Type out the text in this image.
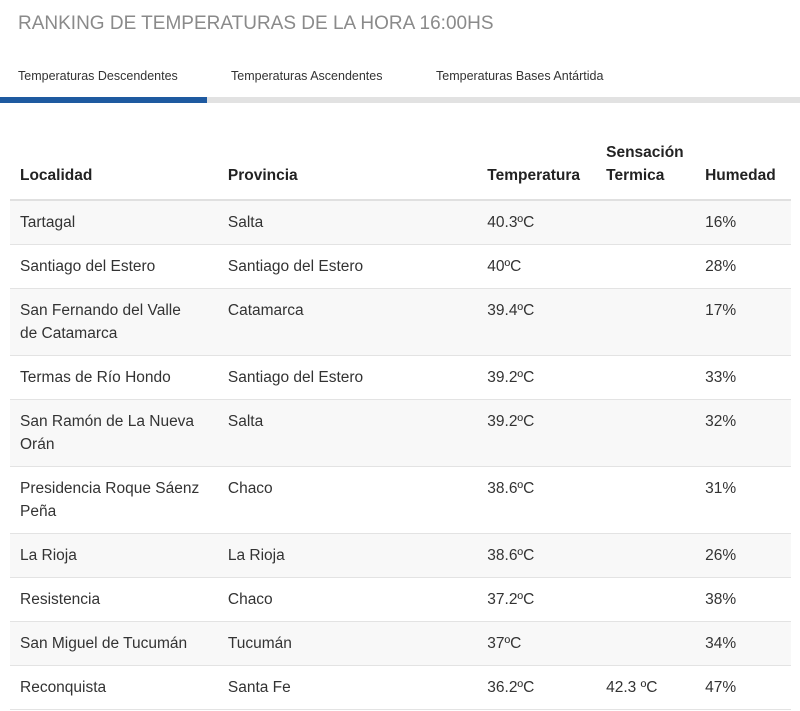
RANKING DE TEMPERATURAS DE LA HORA 16:00HS
Temperaturas Descendentes	Temperaturas Ascendentes	Temperaturas Bases Antártida
Localidad	Provincia	Temperatura	Sensación Termica	Humedad
Tartagal	Salta	40.3ºC		16%
Santiago del Estero	Santiago del Estero	40ºC		28%
San Fernando del Valle de Catamarca	Catamarca	39.4ºC		17%
Termas de Río Hondo	Santiago del Estero	39.2ºC		33%
San Ramón de La Nueva Orán	Salta	39.2ºC		32%
Presidencia Roque Sáenz Peña	Chaco	38.6ºC		31%
La Rioja	La Rioja	38.6ºC		26%
Resistencia	Chaco	37.2ºC		38%
San Miguel de Tucumán	Tucumán	37ºC		34%
Reconquista	Santa Fe	36.2ºC	42.3 ºC	47%
